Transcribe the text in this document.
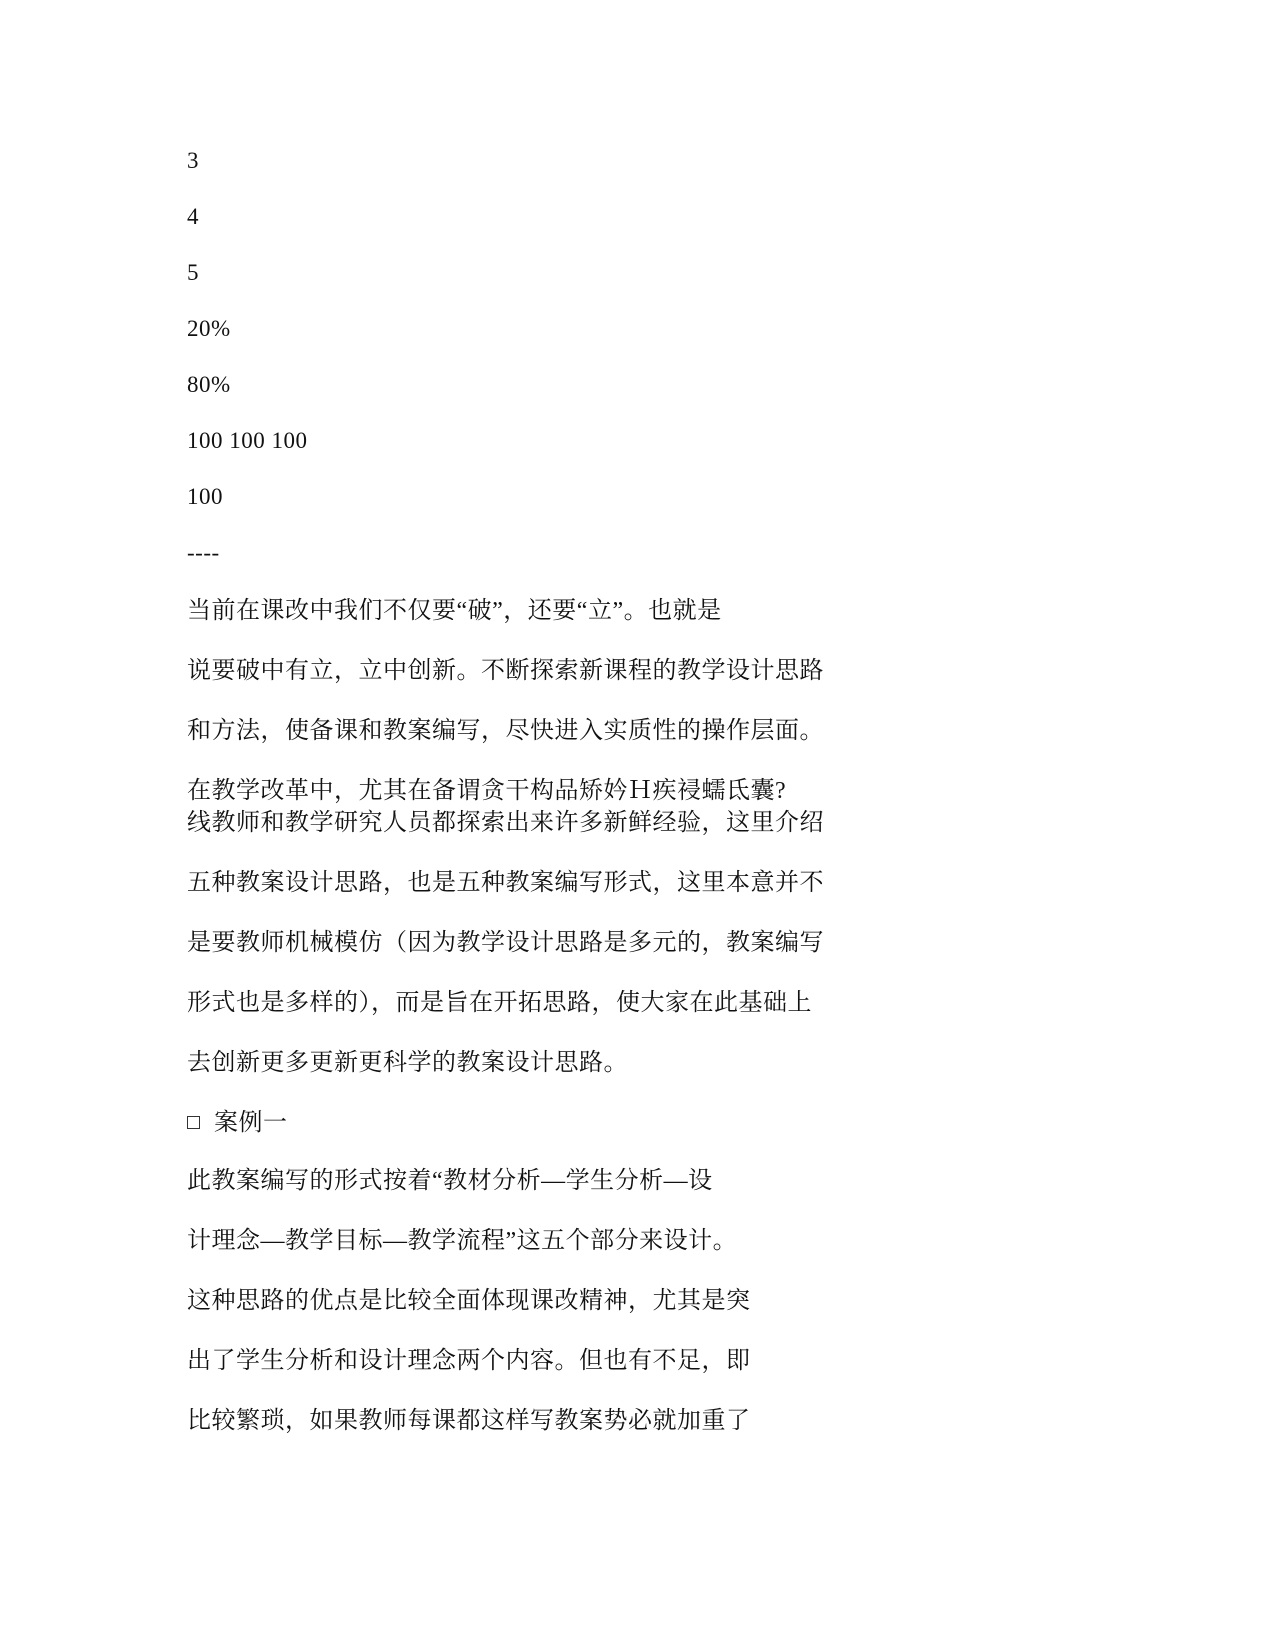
3
4
5
20%
80%
100 100 100
100
----
当前在课改中我们不仅要“破”，还要“立”。也就是
说要破中有立，立中创新。不断探索新课程的教学设计思路
和方法，使备课和教案编写，尽快进入实质性的操作层面。
在教学改革中，尤其在备谓贪干构品矫妗Ｈ疾祲蠕氐囊?
线教师和教学研究人员都探索出来许多新鲜经验，这里介绍
五种教案设计思路，也是五种教案编写形式，这里本意并不
是要教师机械模仿（因为教学设计思路是多元的，教案编写
形式也是多样的），而是旨在开拓思路，使大家在此基础上
去创新更多更新更科学的教案设计思路。
案例一
此教案编写的形式按着“教材分析—学生分析—设
计理念—教学目标—教学流程”这五个部分来设计。
这种思路的优点是比较全面体现课改精神，尤其是突
出了学生分析和设计理念两个内容。但也有不足，即
比较繁琐，如果教师每课都这样写教案势必就加重了
